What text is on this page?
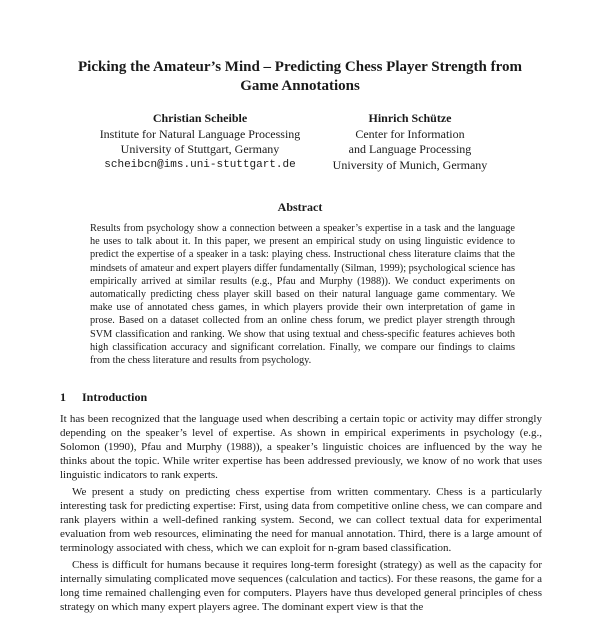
Picking the Amateur’s Mind – Predicting Chess Player Strength from Game Annotations
Christian Scheible
Institute for Natural Language Processing
University of Stuttgart, Germany
scheibcn@ims.uni-stuttgart.de
Hinrich Schütze
Center for Information
and Language Processing
University of Munich, Germany
Abstract

Results from psychology show a connection between a speaker’s expertise in a task and the language he uses to talk about it. In this paper, we present an empirical study on using linguistic evidence to predict the expertise of a speaker in a task: playing chess. Instructional chess literature claims that the mindsets of amateur and expert players differ fundamentally (Silman, 1999); psychological science has empirically arrived at similar results (e.g., Pfau and Murphy (1988)). We conduct experiments on automatically predicting chess player skill based on their natural language game commentary. We make use of annotated chess games, in which players provide their own interpretation of game in prose. Based on a dataset collected from an online chess forum, we predict player strength through SVM classification and ranking. We show that using textual and chess-specific features achieves both high classification accuracy and significant correlation. Finally, we compare our findings to claims from the chess literature and results from psychology.

1 Introduction

It has been recognized that the language used when describing a certain topic or activity may differ strongly depending on the speaker’s level of expertise. As shown in empirical experiments in psychology (e.g., Solomon (1990), Pfau and Murphy (1988)), a speaker’s linguistic choices are influenced by the way he thinks about the topic. While writer expertise has been addressed previously, we know of no work that uses linguistic indicators to rank experts.

We present a study on predicting chess expertise from written commentary. Chess is a particularly interesting task for predicting expertise: First, using data from competitive online chess, we can compare and rank players within a well-defined ranking system. Second, we can collect textual data for experimental evaluation from web resources, eliminating the need for manual annotation. Third, there is a large amount of terminology associated with chess, which we can exploit for n-gram based classification.

Chess is difficult for humans because it requires long-term foresight (strategy) as well as the capacity for internally simulating complicated move sequences (calculation and tactics). For these reasons, the game for a long time remained challenging even for computers. Players have thus developed general principles of chess strategy on which many expert players agree. The dominant expert view is that the
